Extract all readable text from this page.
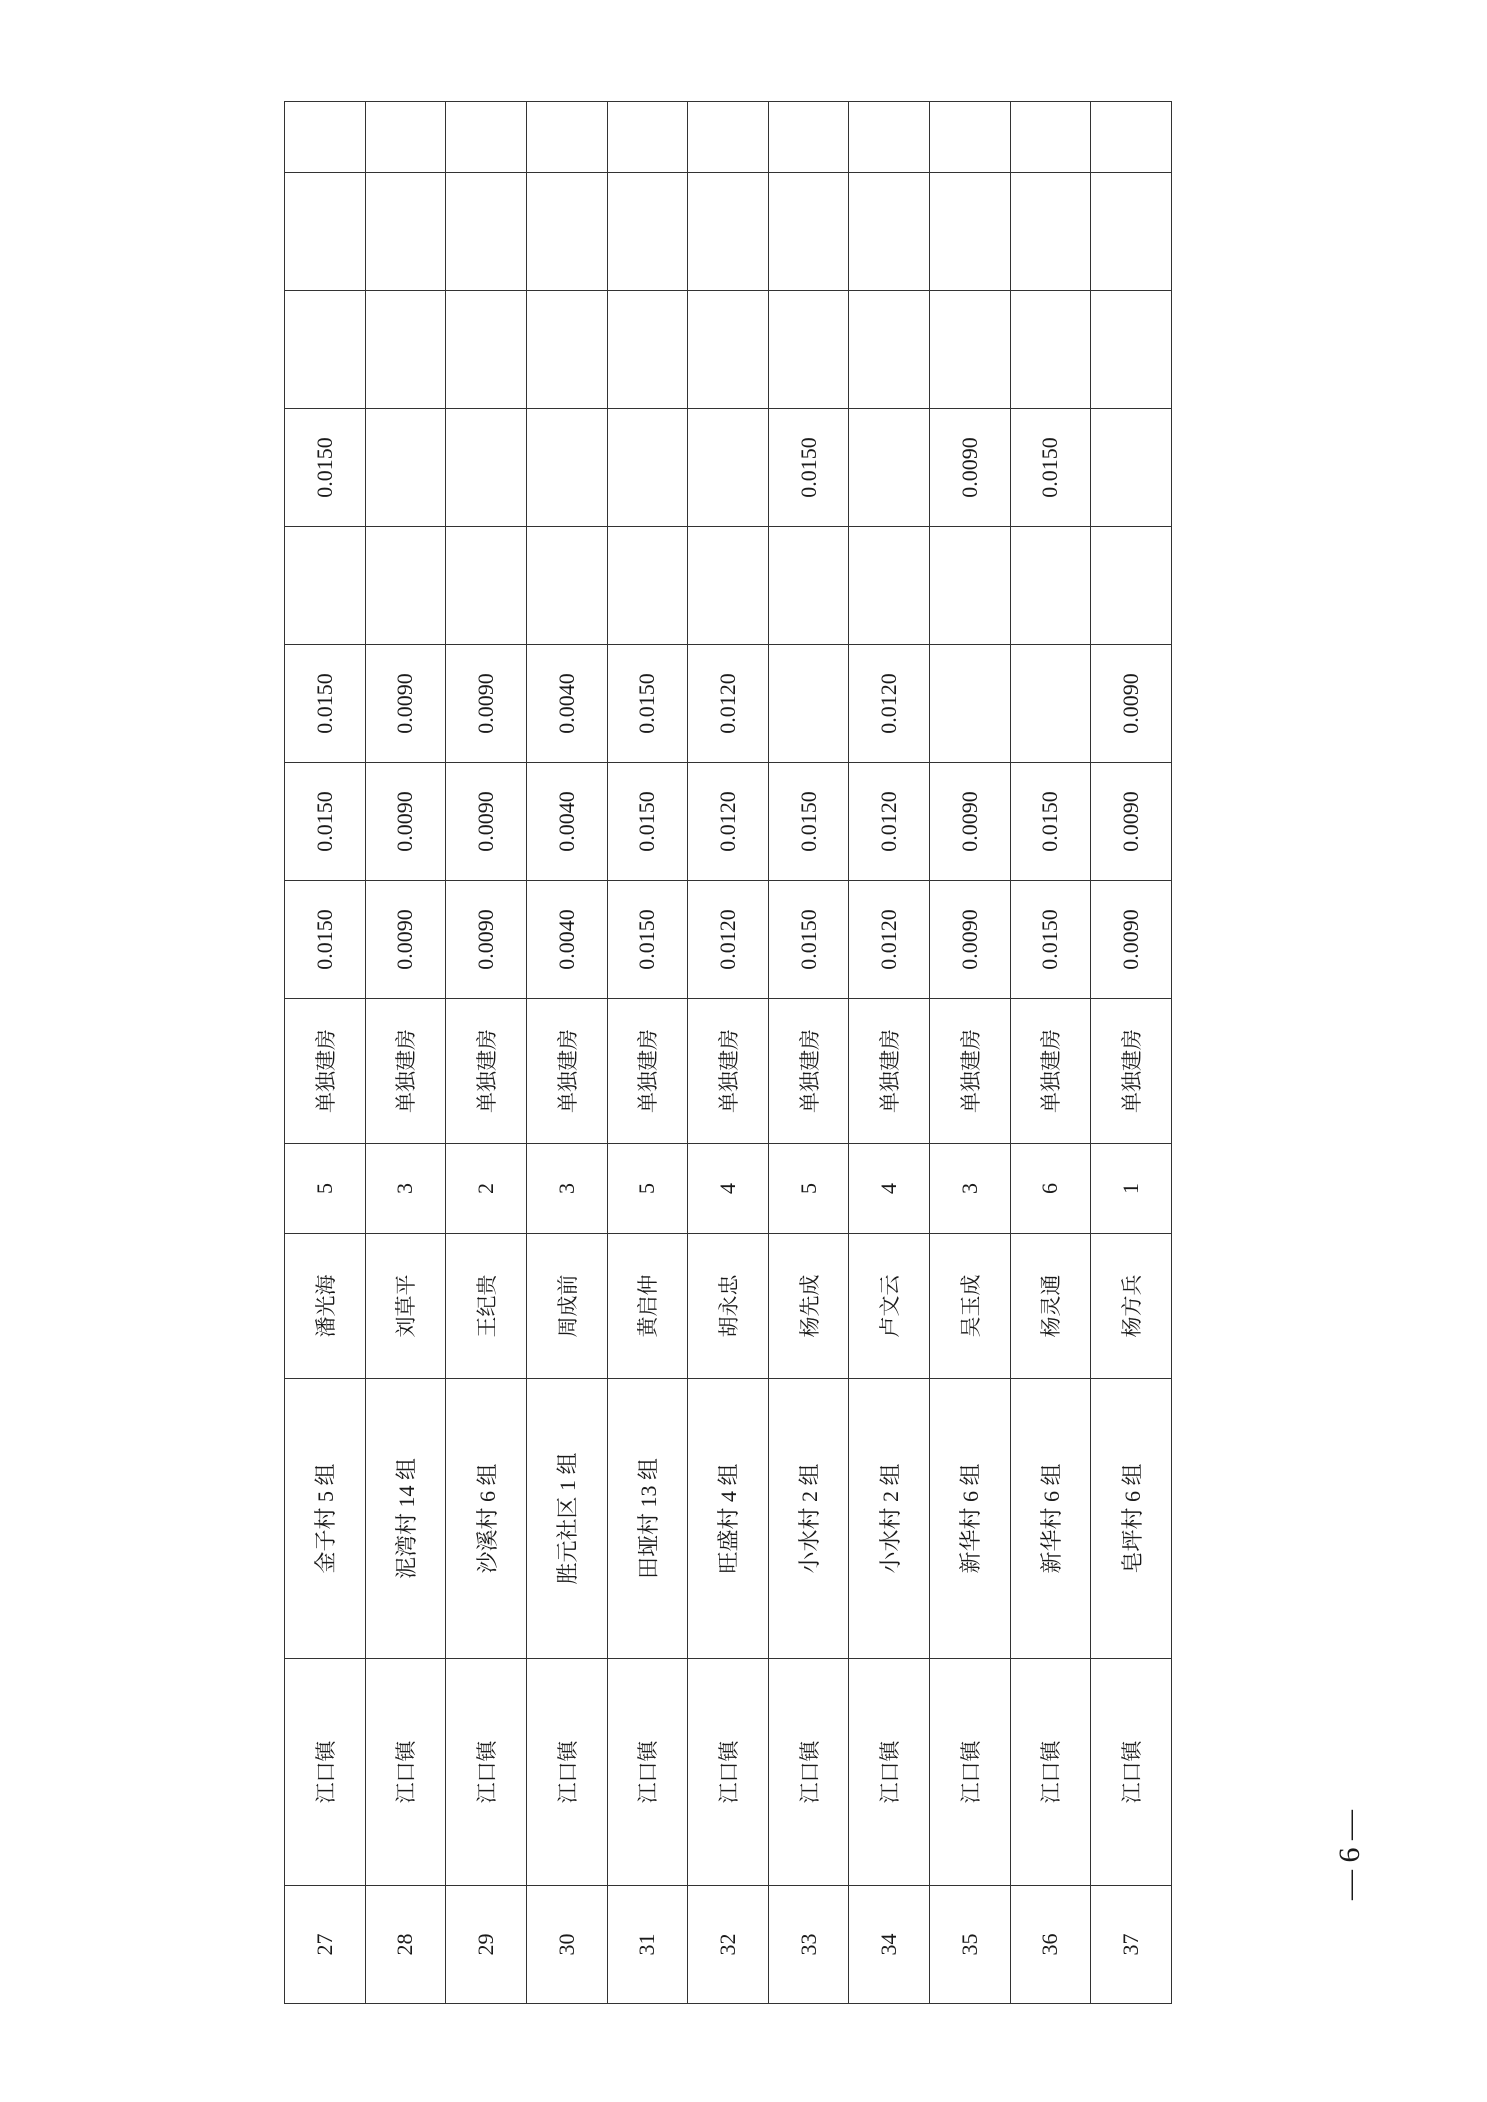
27	江口镇	金子村 5 组	潘光海	5	单独建房	0.0150	0.0150	0.0150		0.0150			
28	江口镇	泥湾村 14 组	刘草平	3	单独建房	0.0090	0.0090	0.0090					
29	江口镇	沙溪村 6 组	王纪贵	2	单独建房	0.0090	0.0090	0.0090					
30	江口镇	胜元社区 1 组	周成前	3	单独建房	0.0040	0.0040	0.0040					
31	江口镇	田垭村 13 组	黄启仲	5	单独建房	0.0150	0.0150	0.0150					
32	江口镇	旺盛村 4 组	胡永忠	4	单独建房	0.0120	0.0120	0.0120					
33	江口镇	小水村 2 组	杨先成	5	单独建房	0.0150	0.0150			0.0150			
34	江口镇	小水村 2 组	卢文云	4	单独建房	0.0120	0.0120	0.0120					
35	江口镇	新华村 6 组	吴玉成	3	单独建房	0.0090	0.0090			0.0090			
36	江口镇	新华村 6 组	杨灵通	6	单独建房	0.0150	0.0150			0.0150			
37	江口镇	皂坪村 6 组	杨方兵	1	单独建房	0.0090	0.0090	0.0090					
— 6 —
